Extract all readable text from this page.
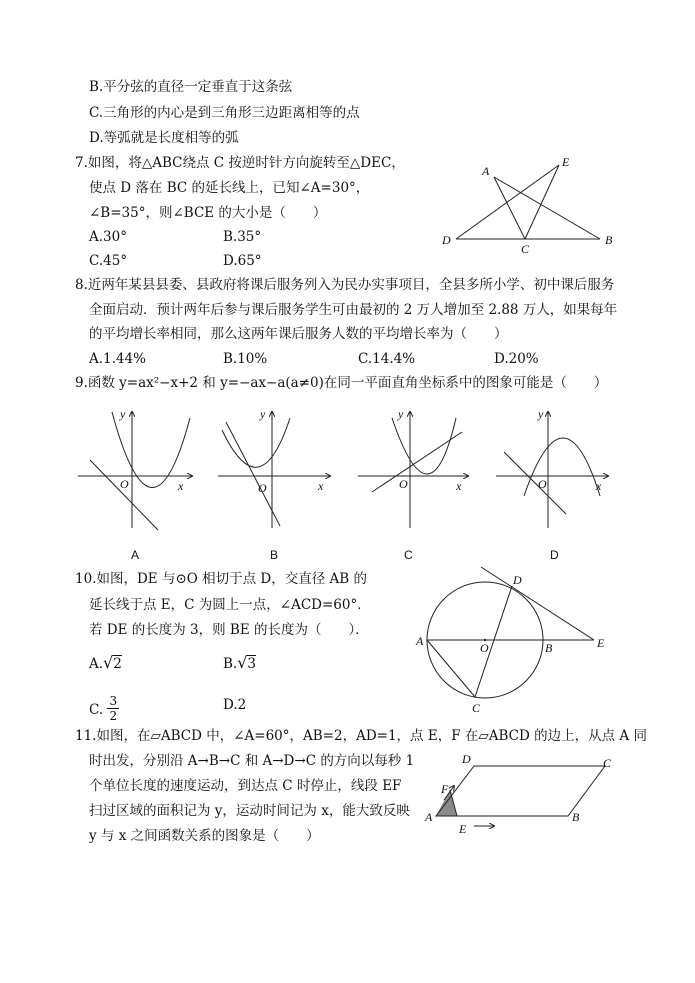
B.平分弦的直径一定垂直于这条弦
C.三角形的内心是到三角形三边距离相等的点
D.等弧就是长度相等的弧
7.如图，将△ABC绕点 C 按逆时针方向旋转至△DEC，
使点 D 落在 BC 的延长线上，已知∠A=30°，
∠B=35°，则∠BCE 的大小是（　　）
A.30°	B.35°
C.45°	D.65°
A
E
D
C
B
8.近两年某县县委、县政府将课后服务列入为民办实事项目，全县多所小学、初中课后服务
全面启动．预计两年后参与课后服务学生可由最初的 2 万人增加至 2.88 万人，如果每年
的平均增长率相同，那么这两年课后服务人数的平均增长率为（　　）
A.1.44%	B.10%	C.14.4%	D.20%
9.函数 y=ax²−x+2 和 y=−ax−a(a≠0)在同一平面直角坐标系中的图象可能是（　　）
y
x
O
y
x
O
y
x
O
y
x
O
A	B	C	D
10.如图，DE 与⊙O 相切于点 D，交直径 AB 的
延长线于点 E，C 为圆上一点，∠ACD=60°．
若 DE 的长度为 3，则 BE 的长度为（　　）．
A.√2	B.√3
C. $\frac{3}{2}$	D.2
A	O	B	E
D
C
11.如图，在▱ABCD 中，∠A=60°，AB=2，AD=1，点 E，F 在▱ABCD 的边上，从点 A 同
时出发，分别沿 A→B→C 和 A→D→C 的方向以每秒 1
个单位长度的速度运动，到达点 C 时停止，线段 EF
扫过区域的面积记为 y，运动时间记为 x，能大致反映
y 与 x 之间函数关系的图象是（　　）
A	B
C
D
E
F
